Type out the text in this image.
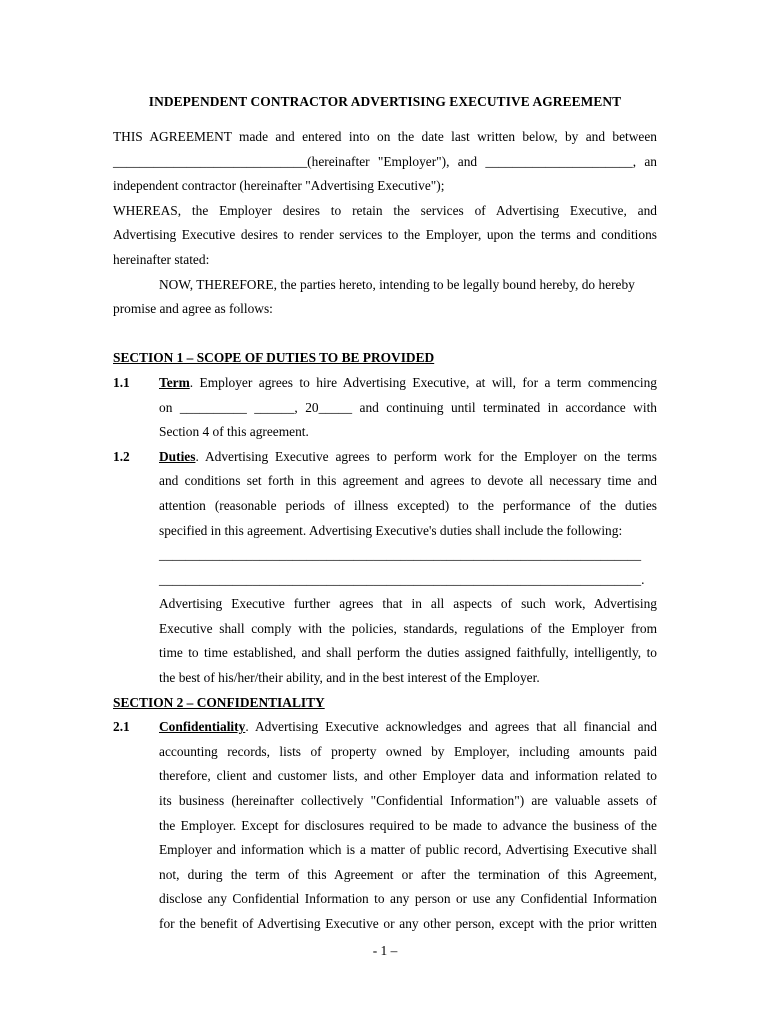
INDEPENDENT CONTRACTOR ADVERTISING EXECUTIVE AGREEMENT
THIS AGREEMENT made and entered into on the date last written below, by and between
_____________________________(hereinafter "Employer"), and ______________________, an
independent contractor (hereinafter "Advertising Executive");
WHEREAS, the Employer desires to retain the services of Advertising Executive, and
Advertising Executive desires to render services to the Employer, upon the terms and conditions
hereinafter stated:
NOW, THEREFORE, the parties hereto, intending to be legally bound hereby, do hereby
promise and agree as follows:
SECTION 1 – SCOPE OF DUTIES TO BE PROVIDED
1.1 Term. Employer agrees to hire Advertising Executive, at will, for a term commencing
on __________ ______, 20_____ and continuing until terminated in accordance with
Section 4 of this agreement.
1.2 Duties. Advertising Executive agrees to perform work for the Employer on the terms
and conditions set forth in this agreement and agrees to devote all necessary time and
attention (reasonable periods of illness excepted) to the performance of the duties
specified in this agreement. Advertising Executive's duties shall include the following:
________________________________________________________________________
________________________________________________________________________.
Advertising Executive further agrees that in all aspects of such work, Advertising
Executive shall comply with the policies, standards, regulations of the Employer from
time to time established, and shall perform the duties assigned faithfully, intelligently, to
the best of his/her/their ability, and in the best interest of the Employer.
SECTION 2 – CONFIDENTIALITY
2.1 Confidentiality. Advertising Executive acknowledges and agrees that all financial and
accounting records, lists of property owned by Employer, including amounts paid
therefore, client and customer lists, and other Employer data and information related to
its business (hereinafter collectively "Confidential Information") are valuable assets of
the Employer. Except for disclosures required to be made to advance the business of the
Employer and information which is a matter of public record, Advertising Executive shall
not, during the term of this Agreement or after the termination of this Agreement,
disclose any Confidential Information to any person or use any Confidential Information
for the benefit of Advertising Executive or any other person, except with the prior written
- 1 –
